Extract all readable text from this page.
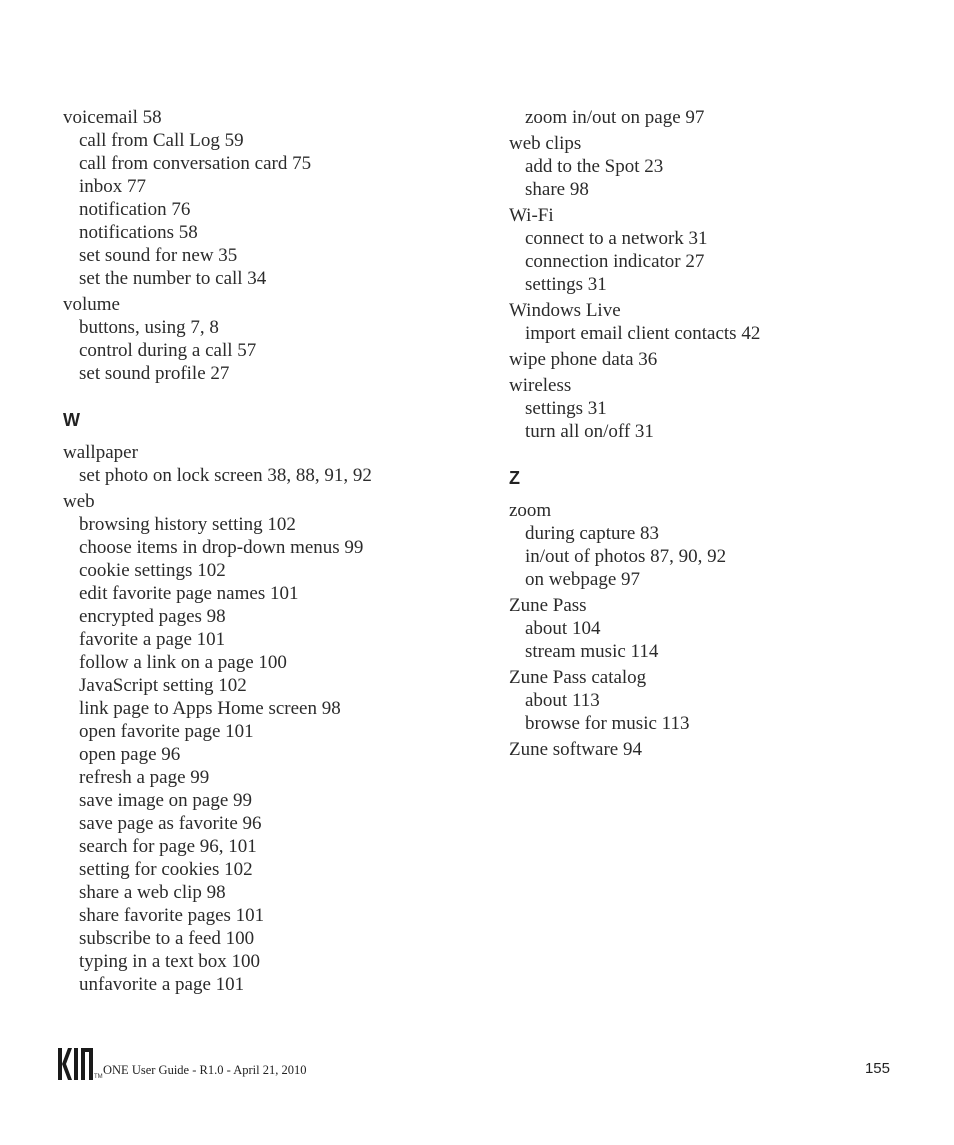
voicemail 58
call from Call Log 59
call from conversation card 75
inbox 77
notification 76
notifications 58
set sound for new 35
set the number to call 34
volume
buttons, using 7, 8
control during a call 57
set sound profile 27
W
wallpaper
set photo on lock screen 38, 88, 91, 92
web
browsing history setting 102
choose items in drop-down menus 99
cookie settings 102
edit favorite page names 101
encrypted pages 98
favorite a page 101
follow a link on a page 100
JavaScript setting 102
link page to Apps Home screen 98
open favorite page 101
open page 96
refresh a page 99
save image on page 99
save page as favorite 96
search for page 96, 101
setting for cookies 102
share a web clip 98
share favorite pages 101
subscribe to a feed 100
typing in a text box 100
unfavorite a page 101
zoom in/out on page 97
web clips
add to the Spot 23
share 98
Wi-Fi
connect to a network 31
connection indicator 27
settings 31
Windows Live
import email client contacts 42
wipe phone data 36
wireless
settings 31
turn all on/off 31
Z
zoom
during capture 83
in/out of photos 87, 90, 92
on webpage 97
Zune Pass
about 104
stream music 114
Zune Pass catalog
about 113
browse for music 113
Zune software 94
TM ONE User Guide - R1.0 - April 21, 2010	155
